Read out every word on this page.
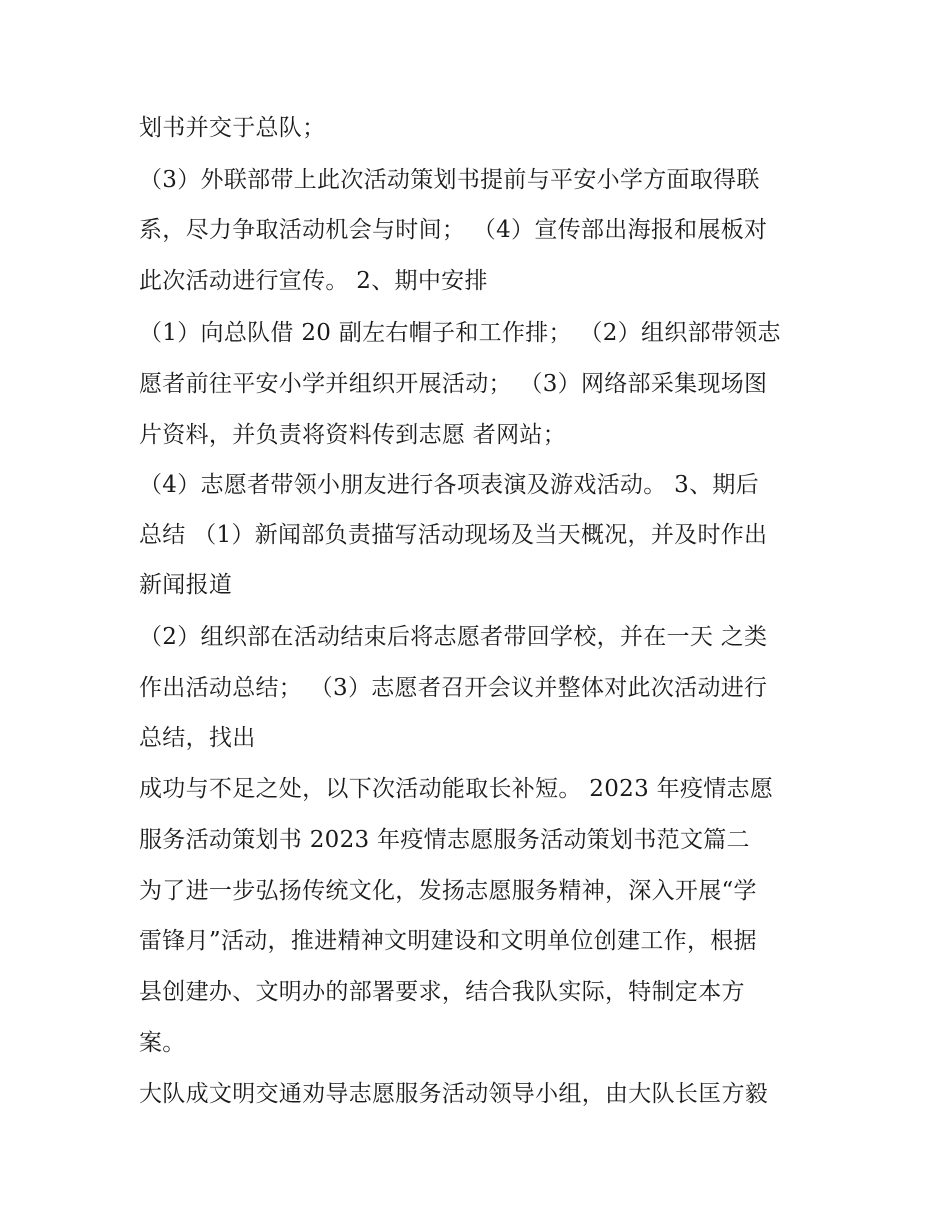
划书并交于总队；
（3）外联部带上此次活动策划书提前与平安小学方面取得联
系，尽力争取活动机会与时间； （4）宣传部出海报和展板对
此次活动进行宣传。 2、期中安排
（1）向总队借 20 副左右帽子和工作排； （2）组织部带领志
愿者前往平安小学并组织开展活动； （3）网络部采集现场图
片资料，并负责将资料传到志愿 者网站；
（4）志愿者带领小朋友进行各项表演及游戏活动。 3、期后
总结 （1）新闻部负责描写活动现场及当天概况，并及时作出
新闻报道
（2）组织部在活动结束后将志愿者带回学校，并在一天 之类
作出活动总结； （3）志愿者召开会议并整体对此次活动进行
总结，找出
成功与不足之处，以下次活动能取长补短。 2023 年疫情志愿
服务活动策划书 2023 年疫情志愿服务活动策划书范文篇二
为了进一步弘扬传统文化，发扬志愿服务精神，深入开展“学
雷锋月”活动，推进精神文明建设和文明单位创建工作，根据
县创建办、文明办的部署要求，结合我队实际，特制定本方
案。
大队成文明交通劝导志愿服务活动领导小组，由大队长匡方毅
